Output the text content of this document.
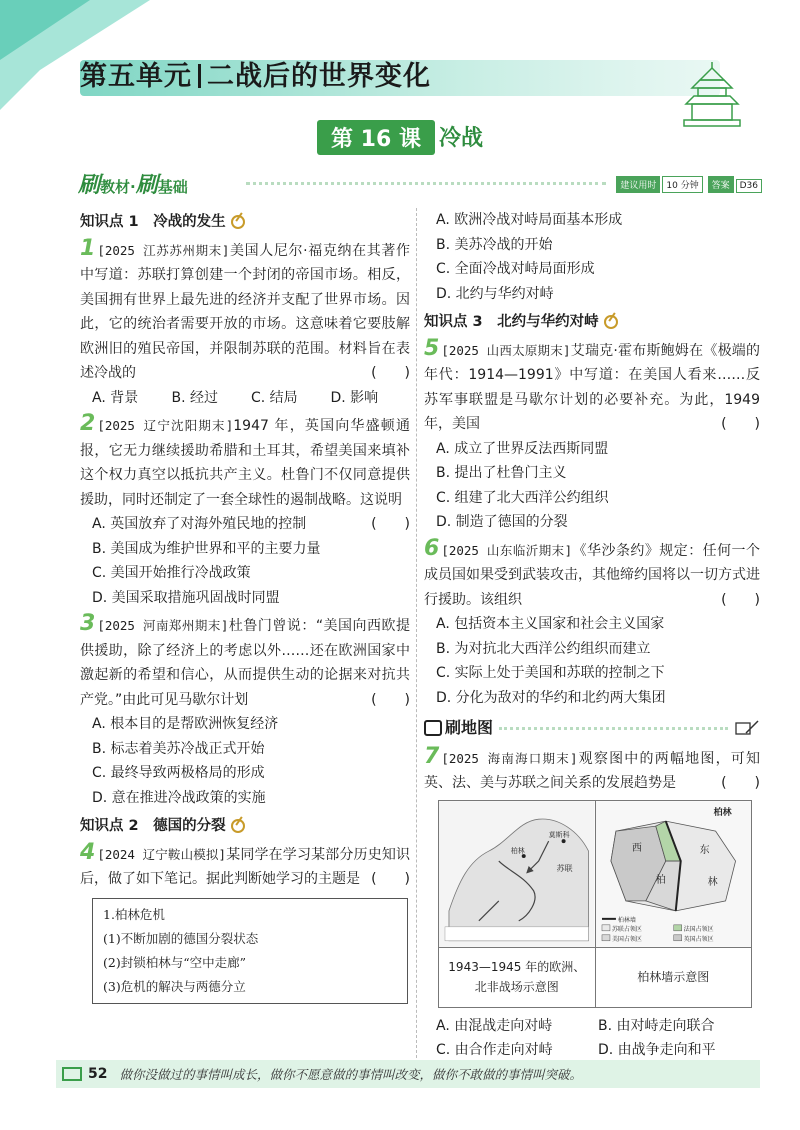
第五单元 二战后的世界变化
第 16 课 冷战
刷教材·刷基础	建议用时 10 分钟 答案 D36
知识点 1　冷战的发生
1 [2025 江苏苏州期末]美国人尼尔·福克纳在其著作中写道：苏联打算创建一个封闭的帝国市场。相反，美国拥有世界上最先进的经济并支配了世界市场。因此，它的统治者需要开放的市场。这意味着它要肢解欧洲旧的殖民帝国，并限制苏联的范围。材料旨在表述冷战的	(　　)
A. 背景	B. 经过	C. 结局	D. 影响
2 [2025 辽宁沈阳期末]1947 年，英国向华盛顿通报，它无力继续援助希腊和土耳其，希望美国来填补这个权力真空以抵抗共产主义。杜鲁门不仅同意提供援助，同时还制定了一套全球性的遏制战略。这说明
(　　)
A. 英国放弃了对海外殖民地的控制
B. 美国成为维护世界和平的主要力量
C. 美国开始推行冷战政策
D. 美国采取措施巩固战时同盟
3 [2025 河南郑州期末]杜鲁门曾说：“美国向西欧提供援助，除了经济上的考虑以外……还在欧洲国家中激起新的希望和信心，从而提供生动的论据来对抗共产党。”由此可见马歇尔计划	(　　)
A. 根本目的是帮欧洲恢复经济
B. 标志着美苏冷战正式开始
C. 最终导致两极格局的形成
D. 意在推进冷战政策的实施
知识点 2　德国的分裂
4 [2024 辽宁鞍山模拟]某同学在学习某部分历史知识后，做了如下笔记。据此判断她学习的主题是 (　　)
1.柏林危机
(1)不断加剧的德国分裂状态
(2)封锁柏林与“空中走廊”
(3)危机的解决与两德分立
A. 欧洲冷战对峙局面基本形成
B. 美苏冷战的开始
C. 全面冷战对峙局面形成
D. 北约与华约对峙
知识点 3　北约与华约对峙
5 [2025 山西太原期末]艾瑞克·霍布斯鲍姆在《极端的年代：1914—1991》中写道：在美国人看来……反苏军事联盟是马歇尔计划的必要补充。为此，1949 年，美国	(　　)
A. 成立了世界反法西斯同盟
B. 提出了杜鲁门主义
C. 组建了北大西洋公约组织
D. 制造了德国的分裂
6 [2025 山东临沂期末]《华沙条约》规定：任何一个成员国如果受到武装攻击，其他缔约国将以一切方式进行援助。该组织	(　　)
A. 包括资本主义国家和社会主义国家
B. 为对抗北大西洋公约组织而建立
C. 实际上处于美国和苏联的控制之下
D. 分化为敌对的华约和北约两大集团
刷地图
7 [2025 海南海口期末]观察图中的两幅地图，可知英、法、美与苏联之间关系的发展趋势是	(　　)
莫斯科
柏林
苏联
1943—1945 年的欧洲、
北非战场示意图
柏林
西	东
柏	林
柏林墙
苏联占领区	法国占领区
美国占领区	英国占领区
柏林墙示意图
A. 由混战走向对峙	B. 由对峙走向联合
C. 由合作走向对峙	D. 由战争走向和平
52 做你没做过的事情叫成长，做你不愿意做的事情叫改变，做你不敢做的事情叫突破。
